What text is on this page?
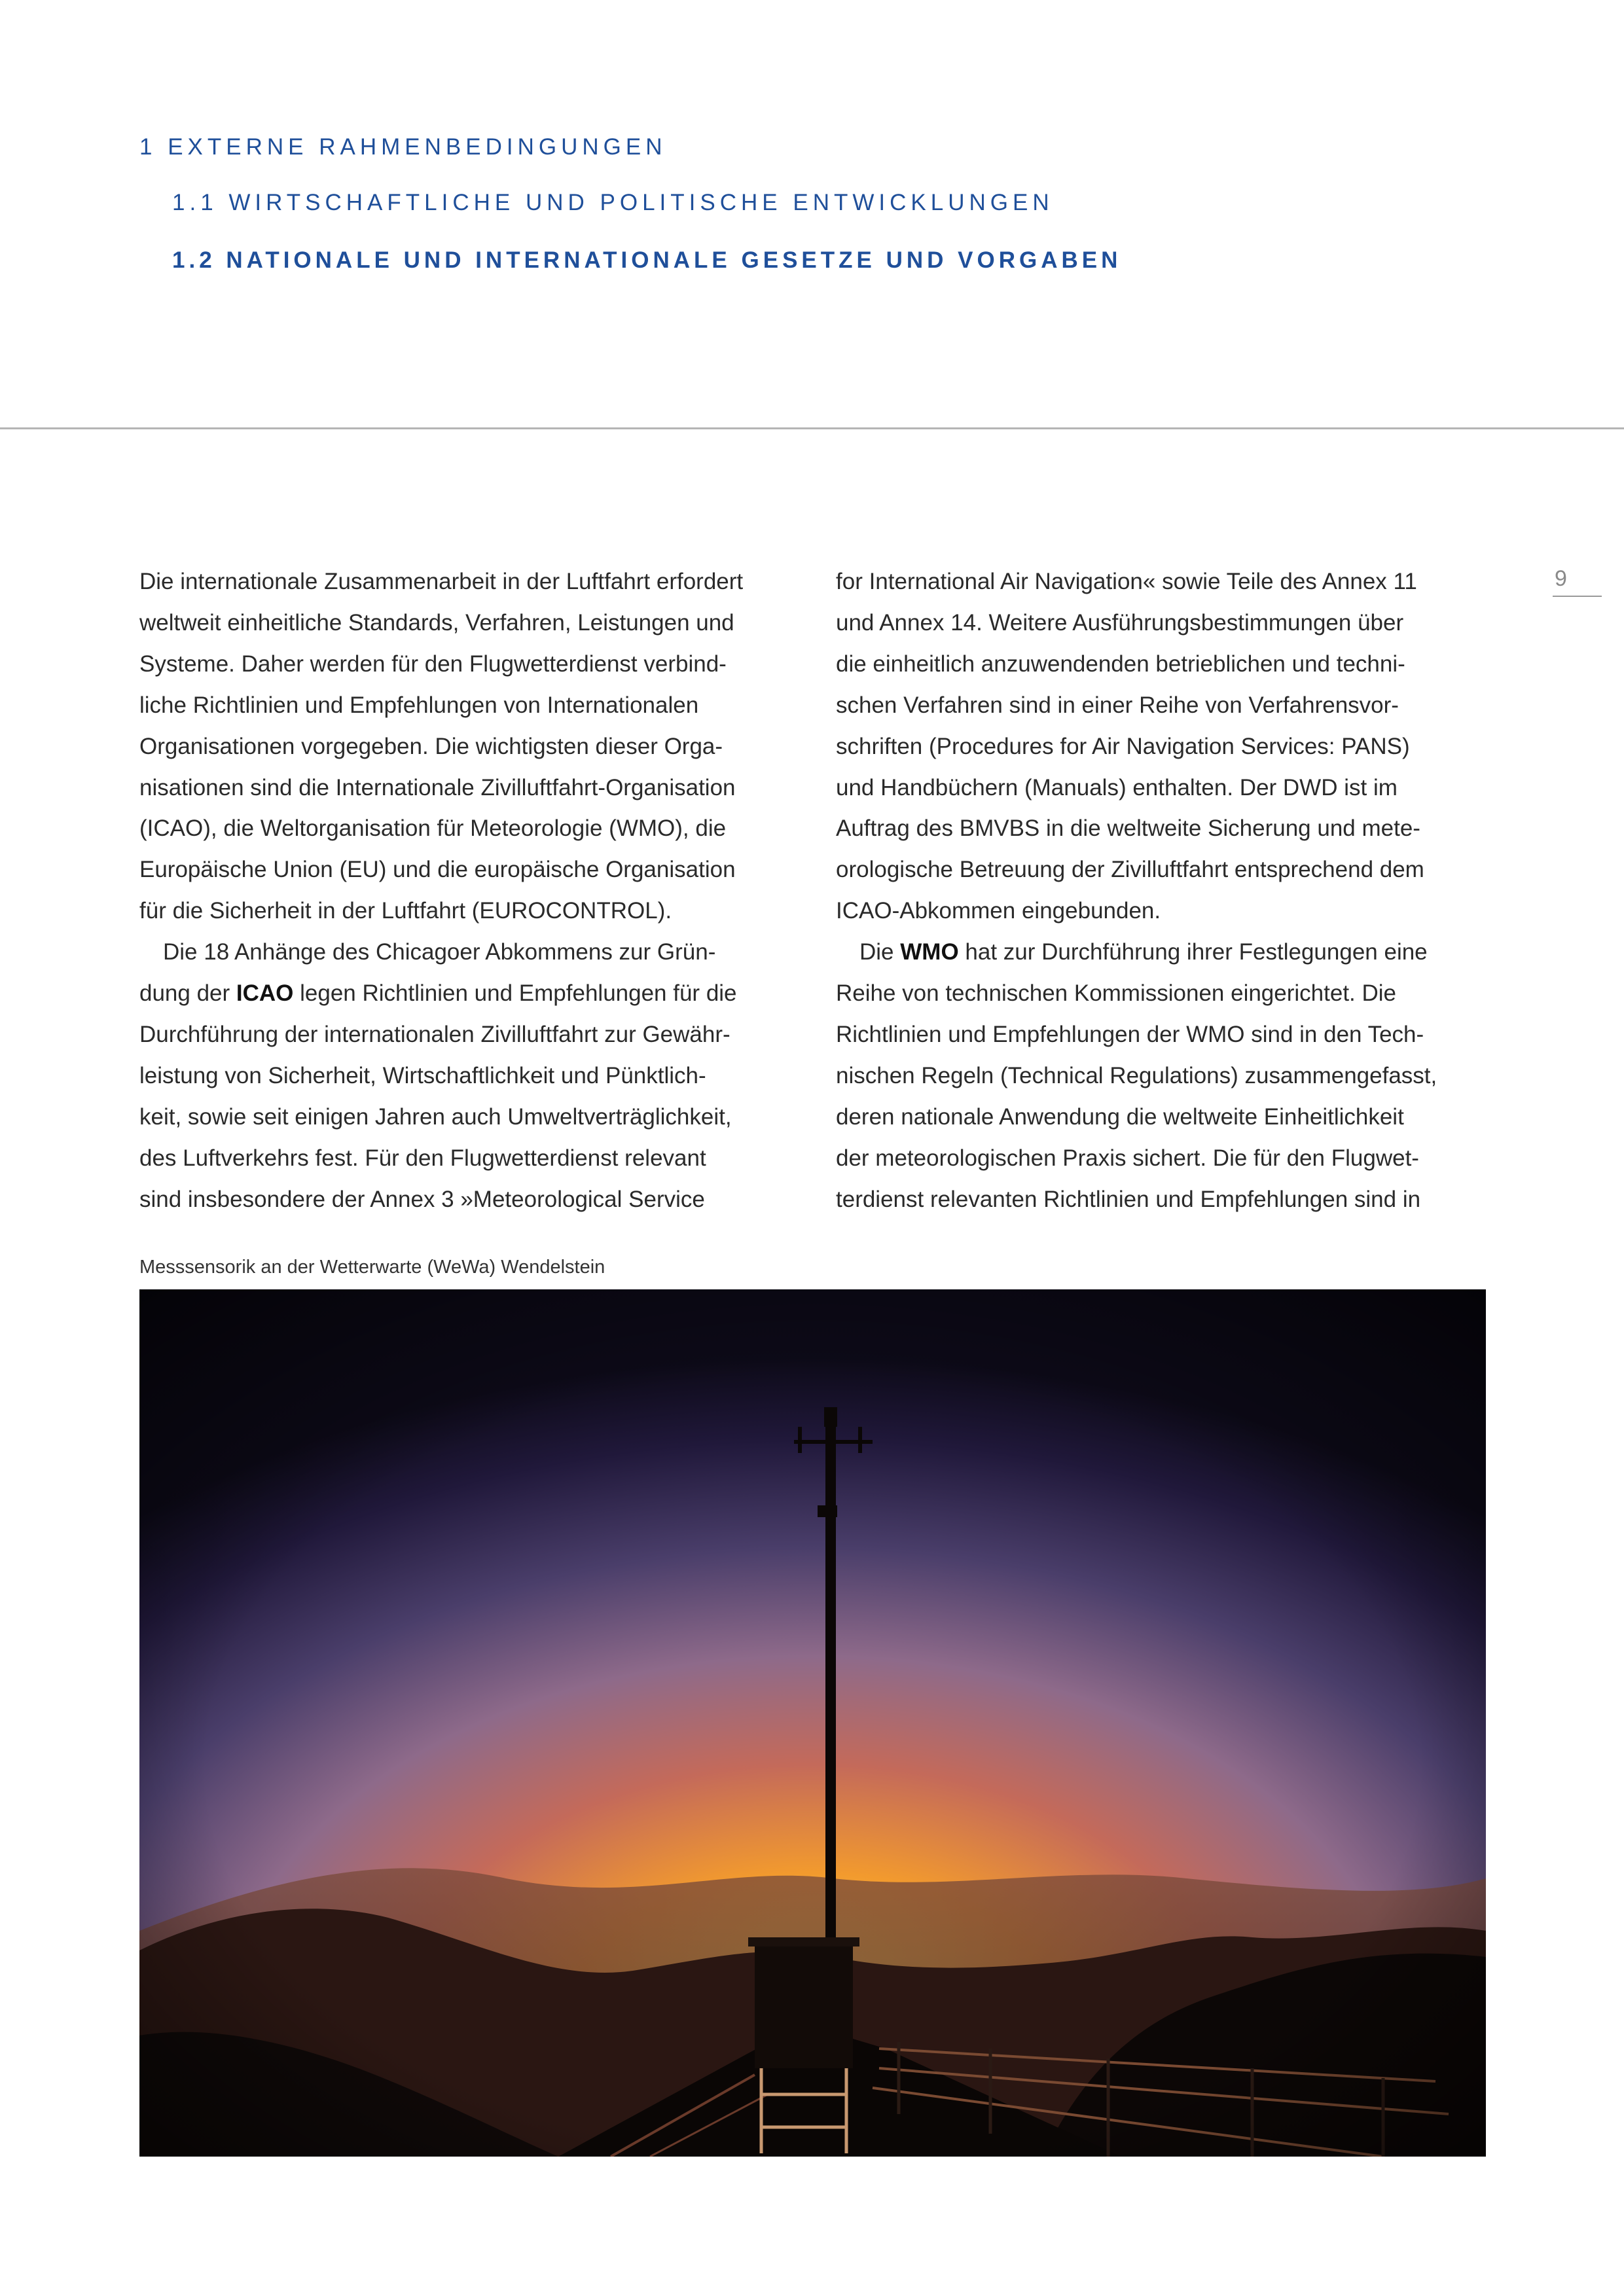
1 EXTERNE RAHMENBEDINGUNGEN
1.1 WIRTSCHAFTLICHE UND POLITISCHE ENTWICKLUNGEN
1.2 NATIONALE UND INTERNATIONALE GESETZE UND VORGABEN
9

Die internationale Zusammenarbeit in der Luftfahrt erfordert
weltweit einheitliche Standards, Verfahren, Leistungen und
Systeme. Daher werden für den Flugwetterdienst verbind-
liche Richtlinien und Empfehlungen von Internationalen
Organisationen vorgegeben. Die wichtigsten dieser Orga-
nisationen sind die Internationale Zivilluftfahrt-Organisation
(ICAO), die Weltorganisation für Meteorologie (WMO), die
Europäische Union (EU) und die europäische Organisation
für die Sicherheit in der Luftfahrt (EUROCONTROL).

Die 18 Anhänge des Chicagoer Abkommens zur Grün-
dung der ICAO legen Richtlinien und Empfehlungen für die
Durchführung der internationalen Zivilluftfahrt zur Gewähr-
leistung von Sicherheit, Wirtschaftlichkeit und Pünktlich-
keit, sowie seit einigen Jahren auch Umweltverträglichkeit,
des Luftverkehrs fest. Für den Flugwetterdienst relevant
sind insbesondere der Annex 3 »Meteorological Service

for International Air Navigation« sowie Teile des Annex 11
und Annex 14. Weitere Ausführungsbestimmungen über
die einheitlich anzuwendenden betrieblichen und techni-
schen Verfahren sind in einer Reihe von Verfahrensvor-
schriften (Procedures for Air Navigation Services: PANS)
und Handbüchern (Manuals) enthalten. Der DWD ist im
Auftrag des BMVBS in die weltweite Sicherung und mete-
orologische Betreuung der Zivilluftfahrt entsprechend dem
ICAO-Abkommen eingebunden.

Die WMO hat zur Durchführung ihrer Festlegungen eine
Reihe von technischen Kommissionen eingerichtet. Die
Richtlinien und Empfehlungen der WMO sind in den Tech-
nischen Regeln (Technical Regulations) zusammengefasst,
deren nationale Anwendung die weltweite Einheitlichkeit
der meteorologischen Praxis sichert. Die für den Flugwet-
terdienst relevanten Richtlinien und Empfehlungen sind in

Messsensorik an der Wetterwarte (WeWa) Wendelstein
